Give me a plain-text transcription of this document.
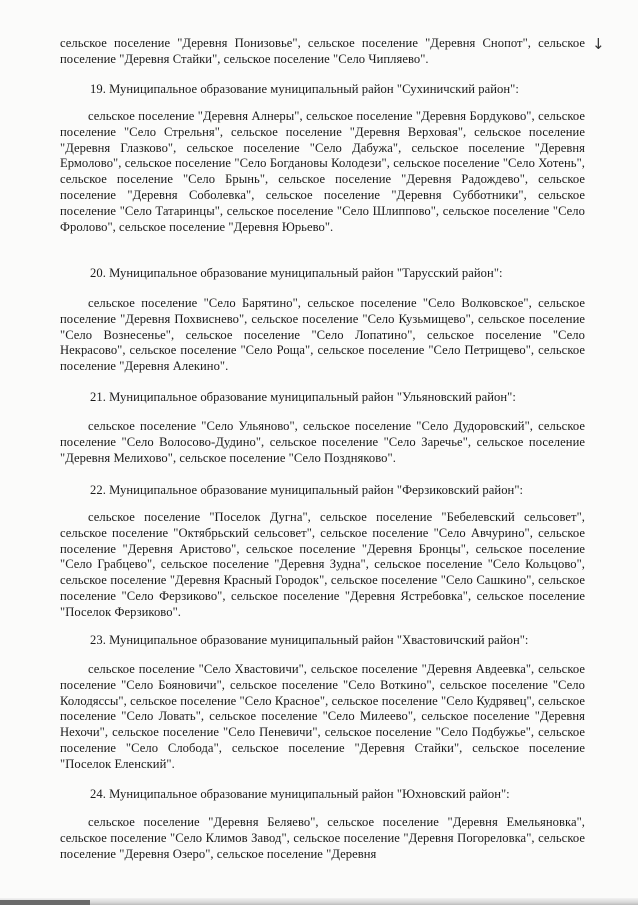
↓

сельское поселение "Деревня Понизовье", сельское поселение "Деревня Снопот", сельское поселение "Деревня Стайки", сельское поселение "Село Чипляево".

19. Муниципальное образование муниципальный район "Сухиничский район":

сельское поселение "Деревня Алнеры", сельское поселение "Деревня Бордуково", сельское поселение "Село Стрельня", сельское поселение "Деревня Верховая", сельское поселение "Деревня Глазково", сельское поселение "Село Дабужа", сельское поселение "Деревня Ермолово", сельское поселение "Село Богдановы Колодези", сельское поселение "Село Хотень", сельское поселение "Село Брынь", сельское поселение "Деревня Радождево", сельское поселение "Деревня Соболевка", сельское поселение "Деревня Субботники", сельское поселение "Село Татаринцы", сельское поселение "Село Шлиппово", сельское поселение "Село Фролово", сельское поселение "Деревня Юрьево".

20. Муниципальное образование муниципальный район "Тарусский район":

сельское поселение "Село Барятино", сельское поселение "Село Волковское", сельское поселение "Деревня Похвиснево", сельское поселение "Село Кузьмищево", сельское поселение "Село Вознесенье", сельское поселение "Село Лопатино", сельское поселение "Село Некрасово", сельское поселение "Село Роща", сельское поселение "Село Петрищево", сельское поселение "Деревня Алекино".

21. Муниципальное образование муниципальный район "Ульяновский район":

сельское поселение "Село Ульяново", сельское поселение "Село Дудоровский", сельское поселение "Село Волосово-Дудино", сельское поселение "Село Заречье", сельское поселение "Деревня Мелихово", сельское поселение "Село Поздняково".

22. Муниципальное образование муниципальный район "Ферзиковский район":

сельское поселение "Поселок Дугна", сельское поселение "Бебелевский сельсовет", сельское поселение "Октябрьский сельсовет", сельское поселение "Село Авчурино", сельское поселение "Деревня Аристово", сельское поселение "Деревня Бронцы", сельское поселение "Село Грабцево", сельское поселение "Деревня Зудна", сельское поселение "Село Кольцово", сельское поселение "Деревня Красный Городок", сельское поселение "Село Сашкино", сельское поселение "Село Ферзиково", сельское поселение "Деревня Ястребовка", сельское поселение "Поселок Ферзиково".

23. Муниципальное образование муниципальный район "Хвастовичский район":

сельское поселение "Село Хвастовичи", сельское поселение "Деревня Авдеевка", сельское поселение "Село Бояновичи", сельское поселение "Село Воткино", сельское поселение "Село Колодяссы", сельское поселение "Село Красное", сельское поселение "Село Кудрявец", сельское поселение "Село Ловать", сельское поселение "Село Милеево", сельское поселение "Деревня Нехочи", сельское поселение "Село Пеневичи", сельское поселение "Село Подбужье", сельское поселение "Село Слобода", сельское поселение "Деревня Стайки", сельское поселение "Поселок Еленский".

24. Муниципальное образование муниципальный район "Юхновский район":

сельское поселение "Деревня Беляево", сельское поселение "Деревня Емельяновка", сельское поселение "Село Климов Завод", сельское поселение "Деревня Погореловка", сельское поселение "Деревня Озеро", сельское поселение "Деревня
